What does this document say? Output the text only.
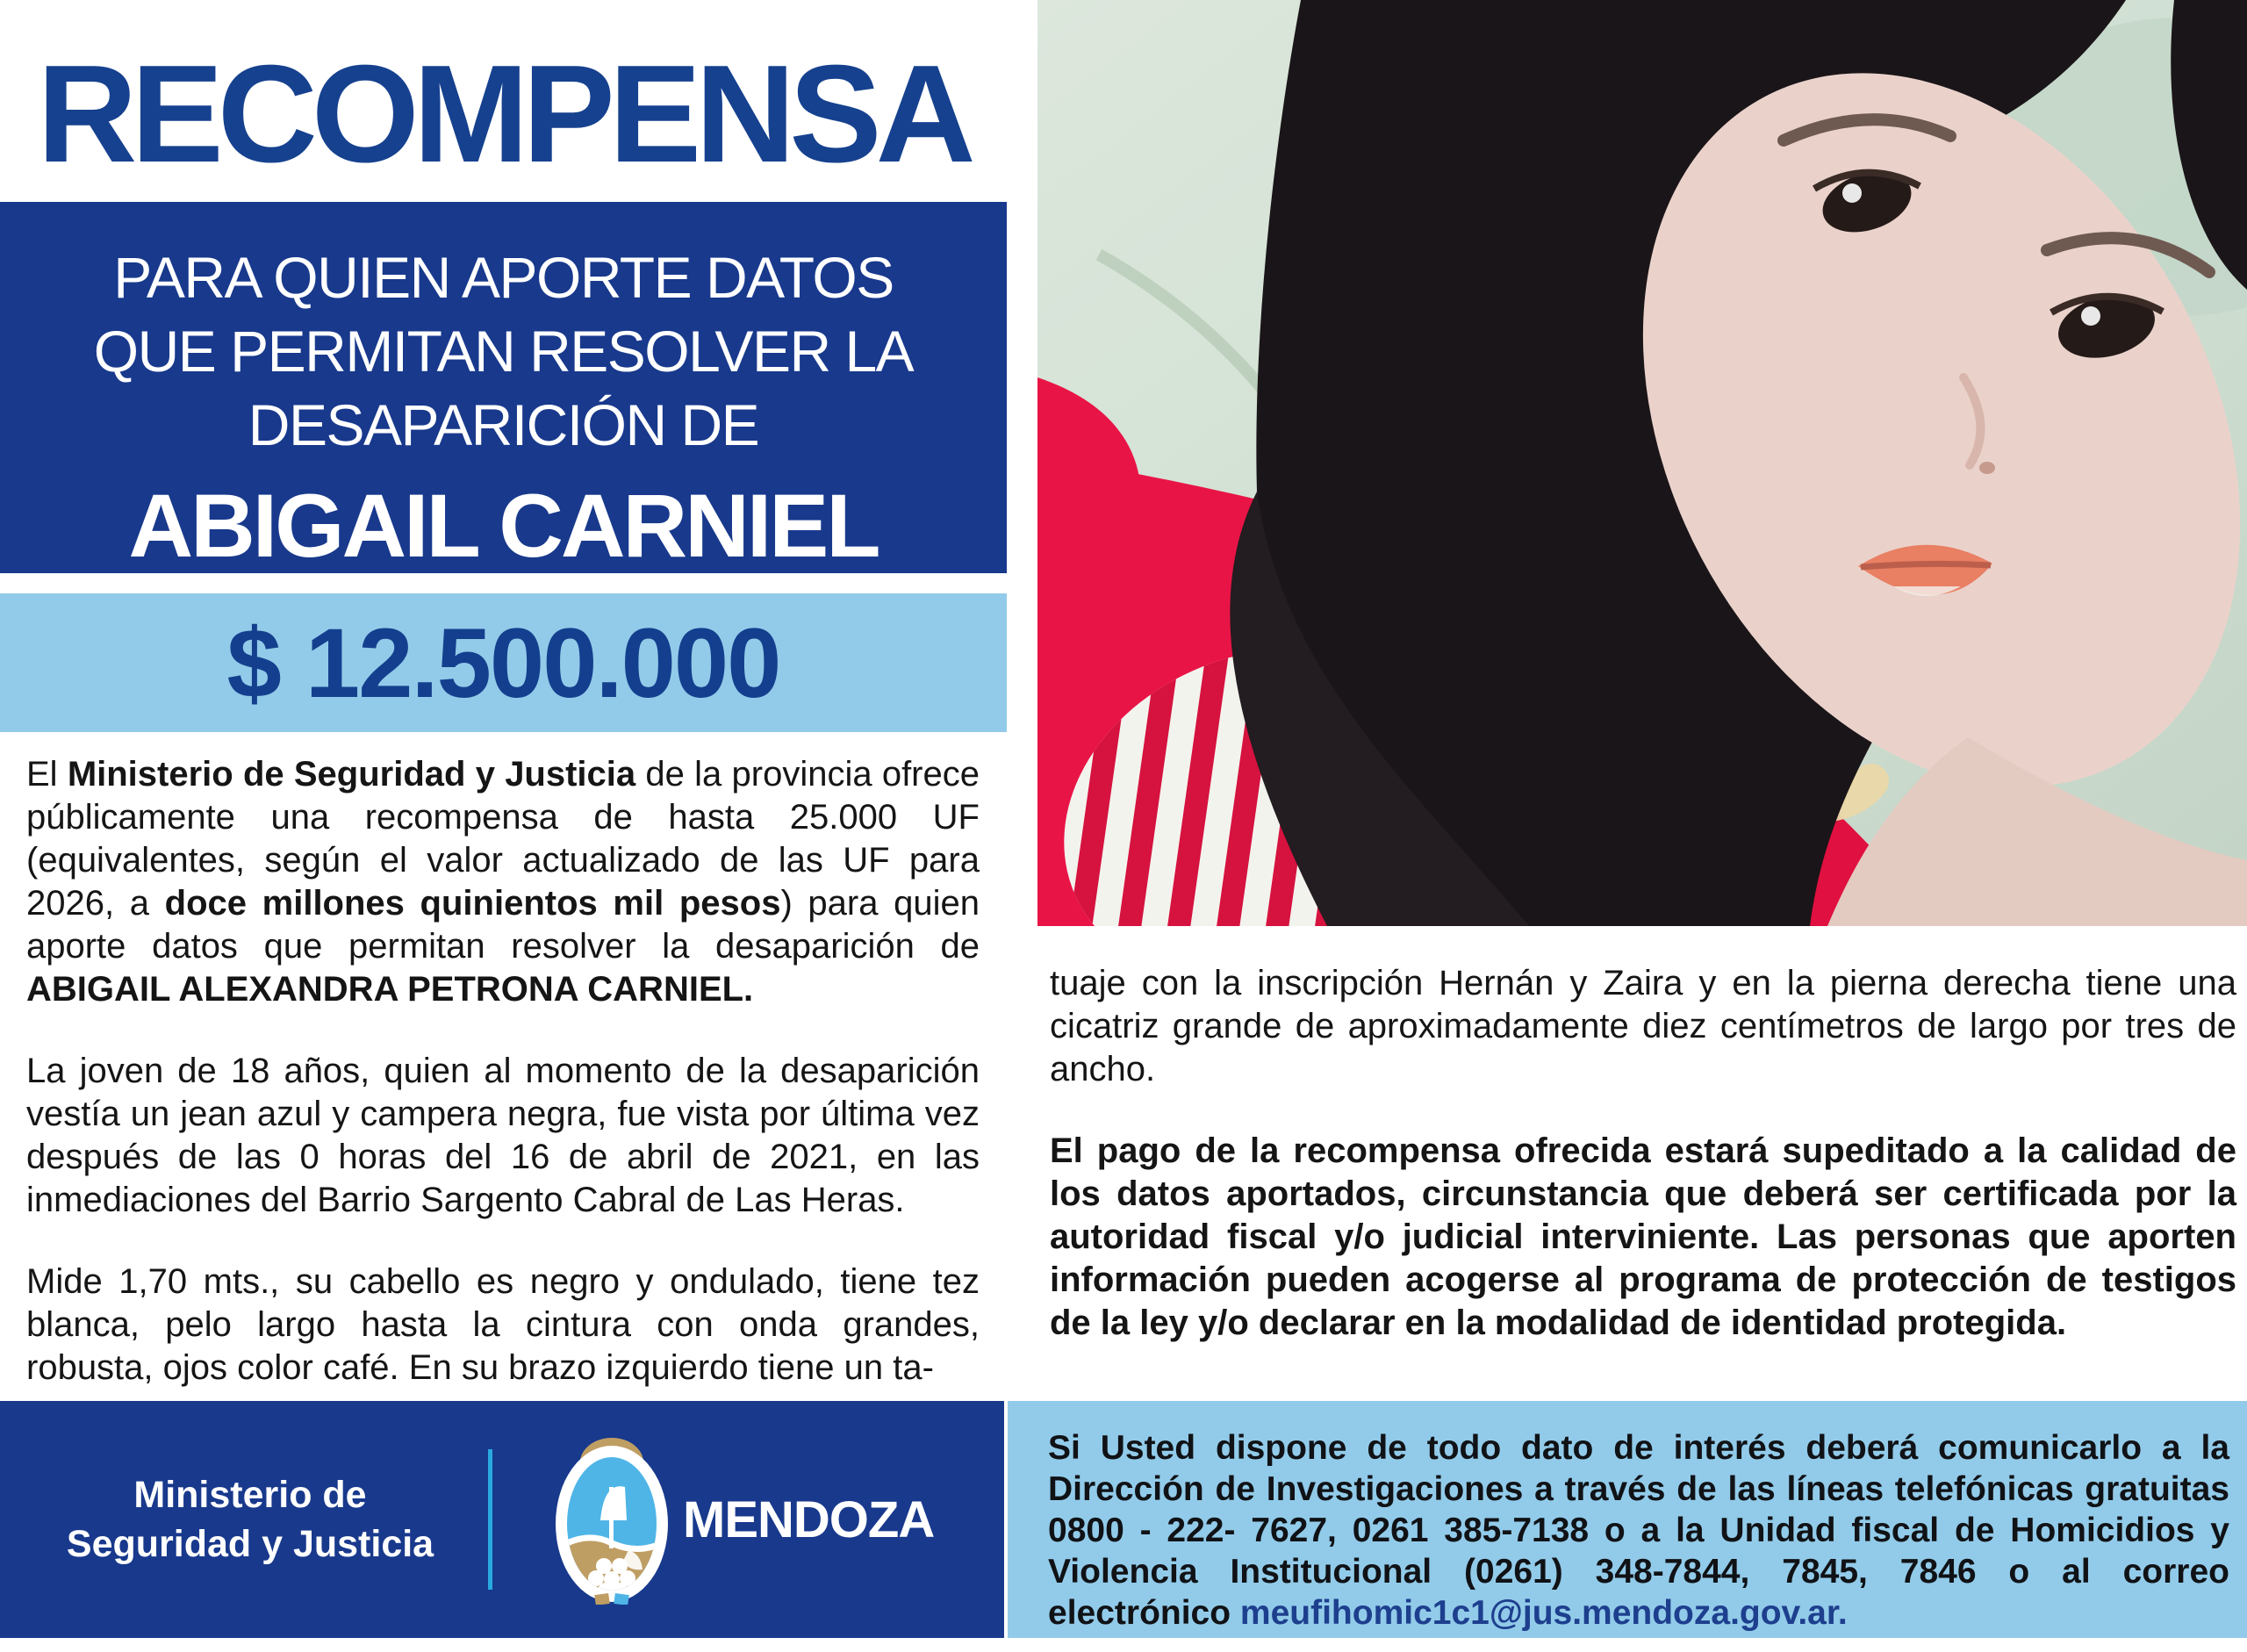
RECOMPENSA
PARA QUIEN APORTE DATOS
QUE PERMITAN RESOLVER LA
DESAPARICIÓN DE
ABIGAIL CARNIEL
$ 12.500.000

El Ministerio de Seguridad y Justicia de la provincia ofrece públicamente una recompensa de hasta 25.000 UF (equivalentes, según el valor actualizado de las UF para 2026, a doce millones quinientos mil pesos) para quien aporte datos que permitan resolver la desaparición de ABIGAIL ALEXANDRA PETRONA CARNIEL.

La joven de 18 años, quien al momento de la desaparición vestía un jean azul y campera negra, fue vista por última vez después de las 0 horas del 16 de abril de 2021, en las inmediaciones del Barrio Sargento Cabral de Las Heras.

Mide 1,70 mts., su cabello es negro y ondulado, tiene tez blanca, pelo largo hasta la cintura con onda grandes, robusta, ojos color café. En su brazo izquierdo tiene un ta-

tuaje con la inscripción Hernán y Zaira y en la pierna derecha tiene una cicatriz grande de aproximadamente diez centímetros de largo por tres de ancho.

El pago de la recompensa ofrecida estará supeditado a la calidad de los datos aportados, circunstancia que deberá ser certificada por la autoridad fiscal y/o judicial interviniente. Las personas que aporten información pueden acogerse al programa de protección de testigos de la ley y/o declarar en la modalidad de identidad protegida.

Ministerio de
Seguridad y Justicia	MENDOZA

Si Usted dispone de todo dato de interés deberá comunicarlo a la Dirección de Investigaciones a través de las líneas telefónicas gratuitas 0800 - 222- 7627, 0261 385-7138 o a la Unidad fiscal de Homicidios y Violencia Institucional (0261) 348-7844, 7845, 7846 o al correo electrónico meufihomic1c1@jus.mendoza.gov.ar.
